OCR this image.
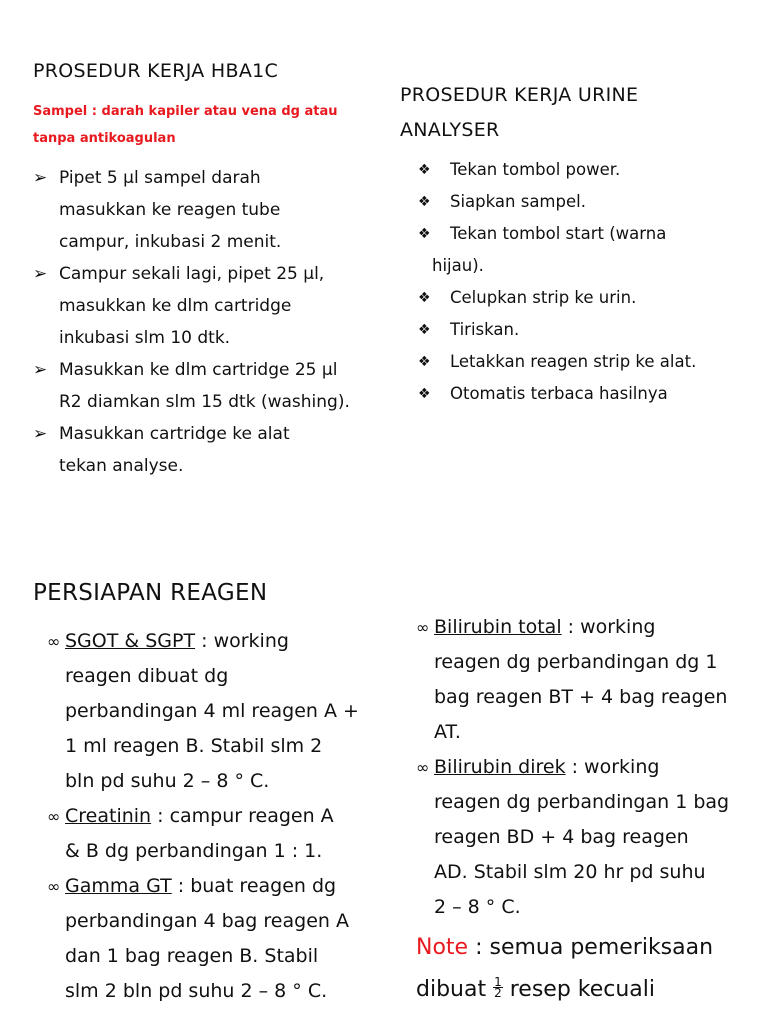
PROSEDUR KERJA HBA1C
Sampel : darah kapiler atau vena dg atau
tanpa antikoagulan
➢ Pipet 5 μl sampel darah
masukkan ke reagen tube
campur, inkubasi 2 menit.
➢ Campur sekali lagi, pipet 25 μl,
masukkan ke dlm cartridge
inkubasi slm 10 dtk.
➢ Masukkan ke dlm cartridge 25 μl
R2 diamkan slm 15 dtk (washing).
➢ Masukkan cartridge ke alat
tekan analyse.
PROSEDUR KERJA URINE
ANALYSER
❖ Tekan tombol power.
❖ Siapkan sampel.
❖ Tekan tombol start (warna
hijau).
❖ Celupkan strip ke urin.
❖ Tiriskan.
❖ Letakkan reagen strip ke alat.
❖ Otomatis terbaca hasilnya
PERSIAPAN REAGEN
∞ SGOT & SGPT : working
reagen dibuat dg
perbandingan 4 ml reagen A +
1 ml reagen B. Stabil slm 2
bln pd suhu 2 – 8 ° C.
∞ Creatinin : campur reagen A
& B dg perbandingan 1 : 1.
∞ Gamma GT : buat reagen dg
perbandingan 4 bag reagen A
dan 1 bag reagen B. Stabil
slm 2 bln pd suhu 2 – 8 ° C.
∞ Bilirubin total : working
reagen dg perbandingan dg 1
bag reagen BT + 4 bag reagen
AT.
∞ Bilirubin direk : working
reagen dg perbandingan 1 bag
reagen BD + 4 bag reagen
AD. Stabil slm 20 hr pd suhu
2 – 8 ° C.
Note : semua pemeriksaan
dibuat $\frac{1}{2}$ resep kecuali
